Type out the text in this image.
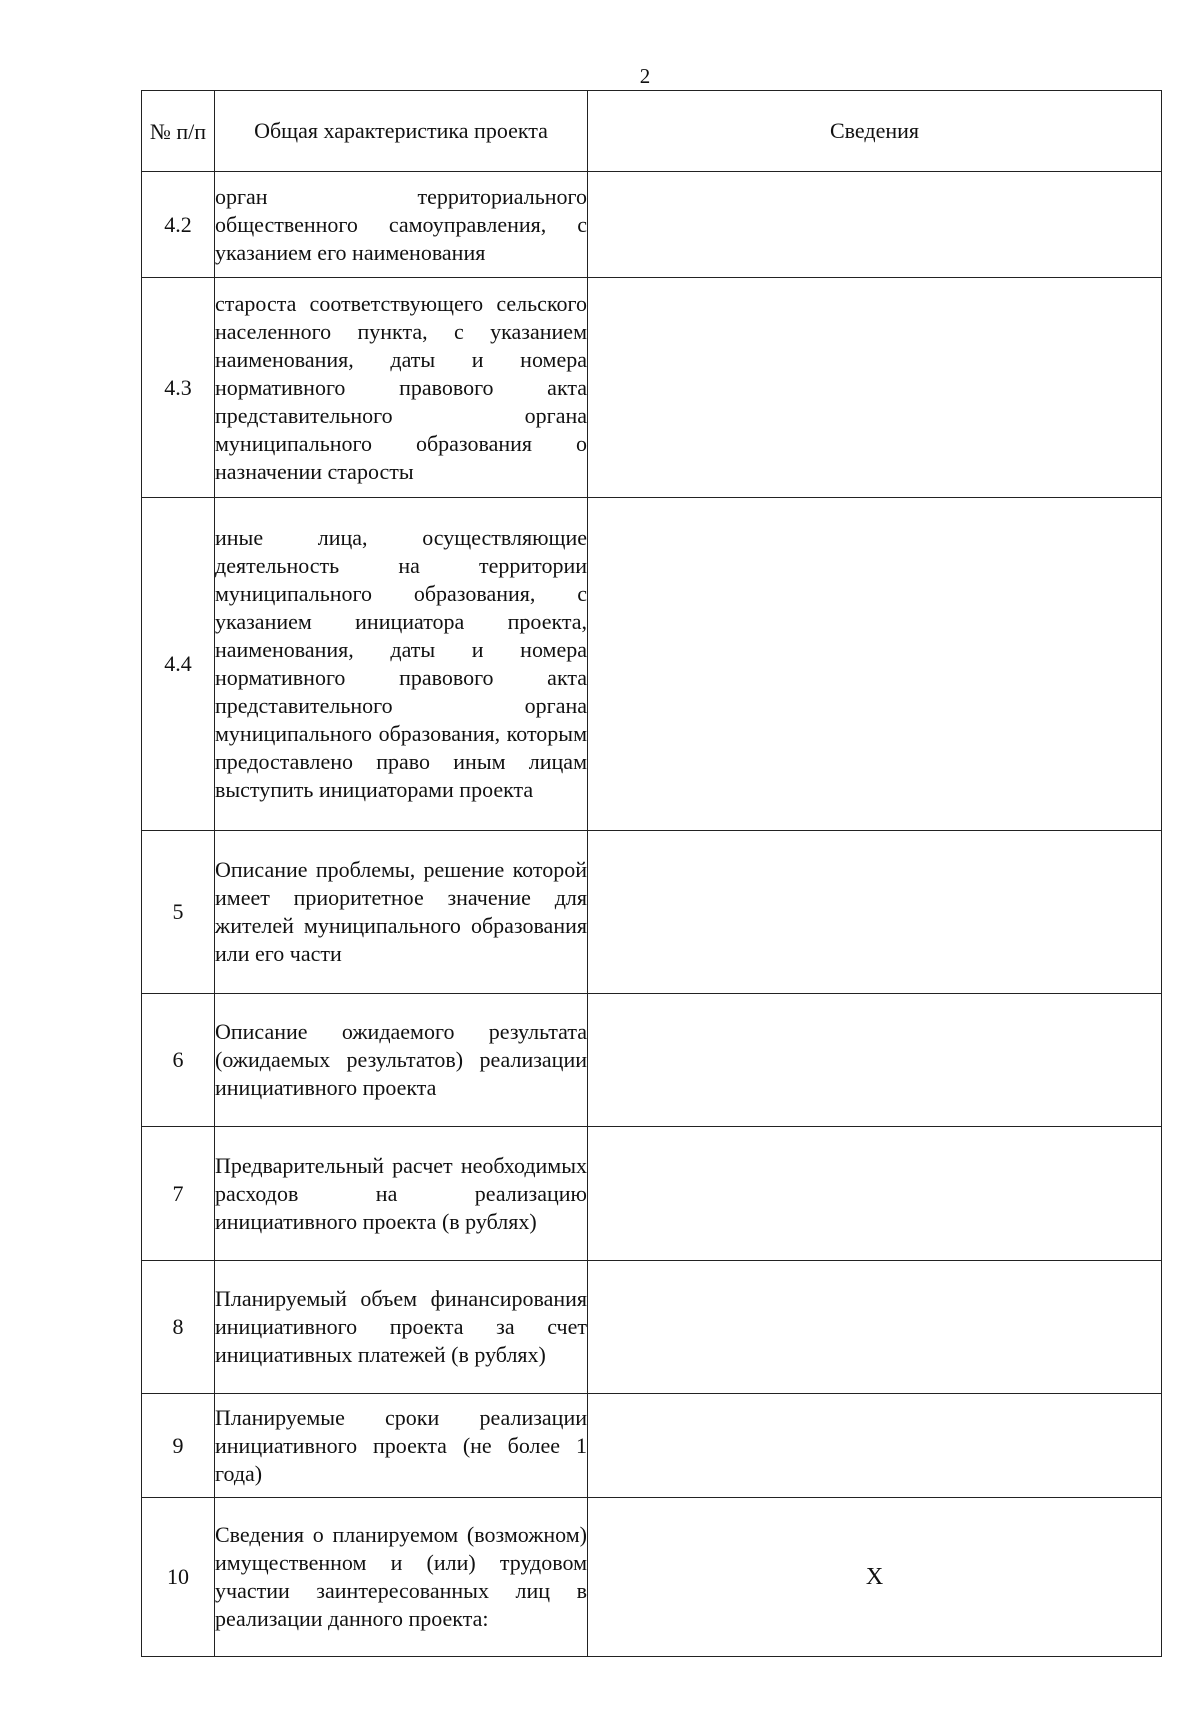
2
№ п/п	Общая характеристика проекта	Сведения
4.2	орган территориального общественного самоуправления, с указанием его наименования	
4.3	староста соответствующего сельского населенного пункта, с указанием наименования, даты и номера нормативного правового акта представительного органа муниципального образования о назначении старосты	
4.4	иные лица, осуществляющие деятельность на территории муниципального образования, с указанием инициатора проекта, наименования, даты и номера нормативного правового акта представительного органа муниципального образования, которым предоставлено право иным лицам выступить инициаторами проекта	
5	Описание проблемы, решение которой имеет приоритетное значение для жителей муниципального образования или его части	
6	Описание ожидаемого результата (ожидаемых результатов) реализации инициативного проекта	
7	Предварительный расчет необходимых расходов на реализацию инициативного проекта (в рублях)	
8	Планируемый объем финансирования инициативного проекта за счет инициативных платежей (в рублях)	
9	Планируемые сроки реализации инициативного проекта (не более 1 года)	
10	Сведения о планируемом (возможном) имущественном и (или) трудовом участии заинтересованных лиц в реализации данного проекта:	Х
